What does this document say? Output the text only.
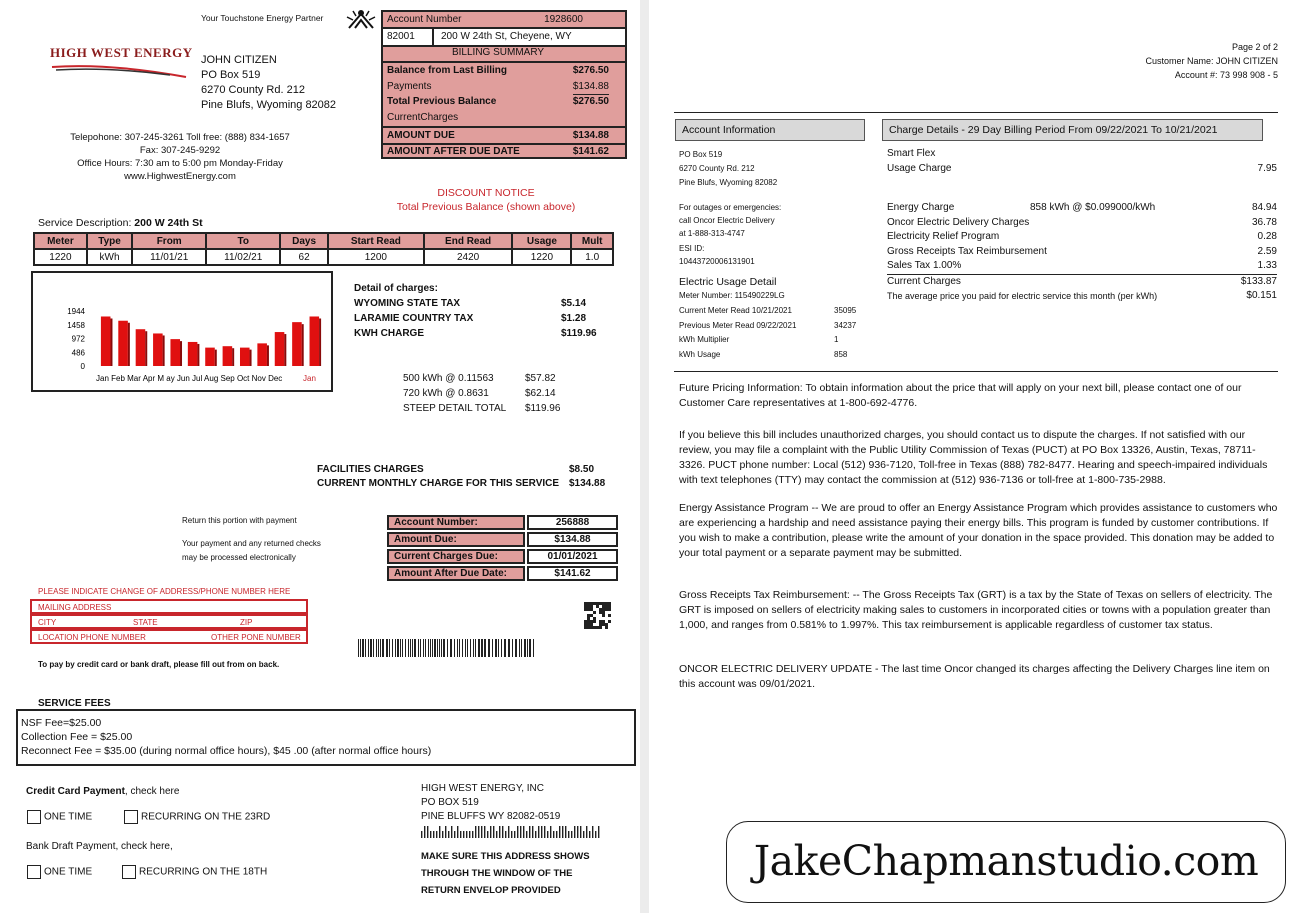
Your Touchstone Energy Partner
HIGH WEST ENERGY JOHN CITIZEN
PO Box 519
6270 County Rd. 212
Pine Blufs, Wyoming 82082
Account Number	1928600
82001	200 W 24th St, Cheyene, WY
BILLING SUMMARY
Balance from Last Billing	$276.50
Payments	$134.88
Total Previous Balance	$276.50
CurrentCharges
AMOUNT DUE	$134.88
AMOUNT AFTER DUE DATE	$141.62
Telepohone: 307-245-3261 Toll free: (888) 834-1657
Fax: 307-245-9292
Office Hours: 7:30 am to 5:00 pm Monday-Friday
www.HighwestEnergy.com
DISCOUNT NOTICE
Total Previous Balance (shown above)
Service Description: 200 W 24th St
Meter	Type	From	To	Days	Start Read	End Read	Usage	Mult
1220	kWh	11/01/21	11/02/21	62	1200	2420	1220	1.0
1944
1458
972
486
0
Jan Feb Mar Apr M ay Jun Jul Aug Sep Oct Nov Dec	Jan
Detail of charges:
WYOMING STATE TAX	$5.14
LARAMIE COUNTRY TAX	$1.28
KWH CHARGE	$119.96
500 kWh @ 0.11563	$57.82
720 kWh @ 0.8631	$62.14
STEEP DETAIL TOTAL $119.96
FACILITIES CHARGES	$8.50
CURRENT MONTHLY CHARGE FOR THIS SERVICE $134.88
Return this portion with payment
Your payment and any returned checks
may be processed electronically
Account Number:	256888
Amount Due:	$134.88
Current Charges Due:	01/01/2021
Amount After Due Date:	$141.62
PLEASE INDICATE CHANGE OF ADDRESS/PHONE NUMBER HERE
MAILING ADDRESS
CITY	STATE	ZIP
LOCATION PHONE NUMBER	OTHER PONE NUMBER
To pay by credit card or bank draft, please fill out from on back.
SERVICE FEES
NSF Fee=$25.00
Collection Fee = $25.00
Reconnect Fee = $35.00 (during normal office hours), $45 .00 (after normal office hours)
Credit Card Payment, check here
ONE TIME	RECURRING ON THE 23RD
Bank Draft Payment, check here,
ONE TIME	RECURRING ON THE 18TH
HIGH WEST ENERGY, INC
PO BOX 519
PINE BLUFFS WY 82082-0519
MAKE SURE THIS ADDRESS SHOWS
THROUGH THE WINDOW OF THE
RETURN ENVELOP PROVIDED
Page 2 of 2
Customer Name: JOHN CITIZEN
Account #: 73 998 908 - 5
Account Information	Charge Details - 29 Day Billing Period From 09/22/2021 To 10/21/2021
PO Box 519
6270 County Rd. 212
Pine Blufs, Wyoming 82082
For outages or emergencies:
call Oncor Electric Delivery
at 1-888-313-4747
ESI ID:
10443720006131901
Electric Usage Detail
Meter Number: 115490229LG
Current Meter Read 10/21/2021	35095
Previous Meter Read 09/22/2021	34237
kWh Multiplier	1
kWh Usage	858
Smart Flex
Usage Charge	7.95
Energy Charge	858 kWh @ $0.099000/kWh	84.94
Oncor Electric Delivery Charges	36.78
Electricity Relief Program	0.28
Gross Receipts Tax Reimbursement	2.59
Sales Tax 1.00%	1.33
Current Charges	$133.87
The average price you paid for electric service this month (per kWh)	$0.151
Future Pricing Information: To obtain information about the price that will apply on your next bill, please contact one of our Customer Care representatives at 1-800-692-4776.
If you believe this bill includes unauthorized charges, you should contact us to dispute the charges. If not satisfied with our review, you may file a complaint with the Public Utility Commission of Texas (PUCT) at PO Box 13326, Austin, Texas, 78711-3326. PUCT phone number: Local (512) 936-7120, Toll-free in Texas (888) 782-8477. Hearing and speech-impaired individuals with text telephones (TTY) may contact the commission at (512) 936-7136 or toll-free at 1-800-735-2988.
Energy Assistance Program -- We are proud to offer an Energy Assistance Program which provides assistance to customers who are experiencing a hardship and need assistance paying their energy bills. This program is funded by customer contributions. If you wish to make a contribution, please write the amount of your donation in the space provided. This donation may be added to your total payment or a separate payment may be submitted.
Gross Receipts Tax Reimbursement: -- The Gross Receipts Tax (GRT) is a tax by the State of Texas on sellers of electricity. The GRT is imposed on sellers of electricity making sales to customers in incorporated cities or towns with a population greater than 1,000, and ranges from 0.581% to 1.997%. This tax reimbursement is applicable regardless of customer tax status.
ONCOR ELECTRIC DELIVERY UPDATE - The last time Oncor changed its charges affecting the Delivery Charges line item on this account was 09/01/2021.
JakeChapmanstudio.com
